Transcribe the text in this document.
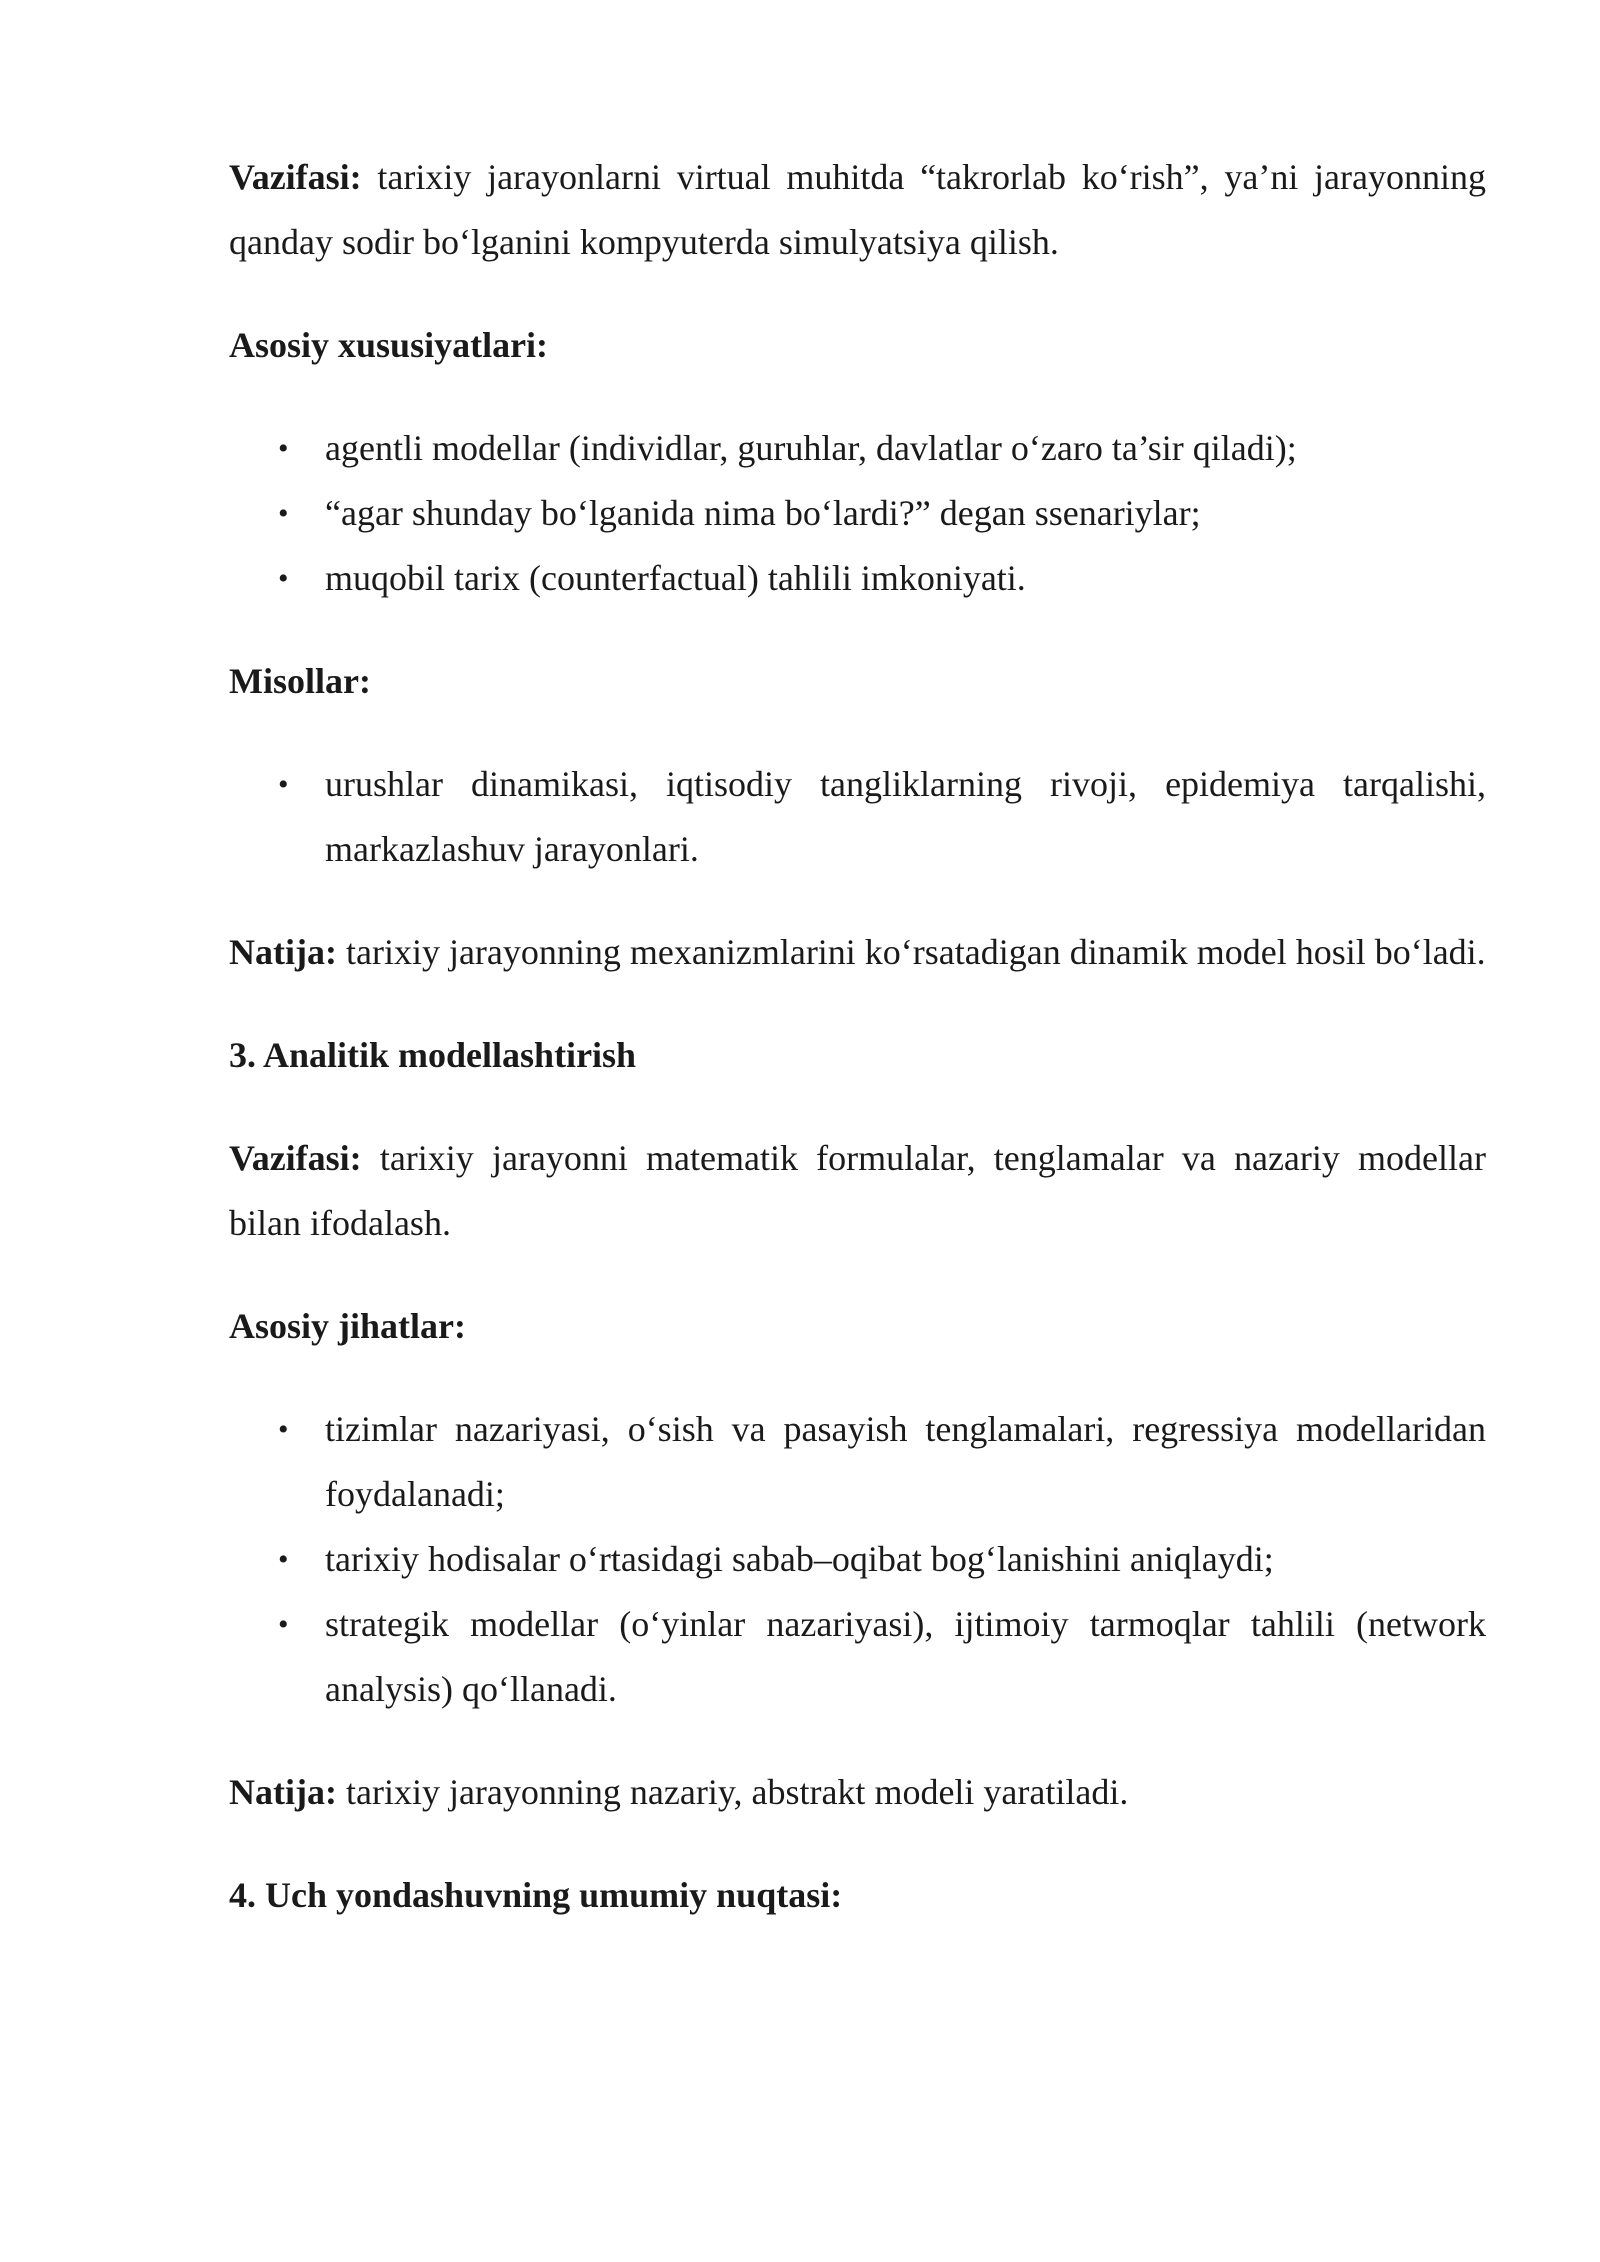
Vazifasi: tarixiy jarayonlarni virtual muhitda “takrorlab ko‘rish”, ya’ni jarayonning qanday sodir bo‘lganini kompyuterda simulyatsiya qilish.

Asosiy xususiyatlari:

• agentli modellar (individlar, guruhlar, davlatlar o‘zaro ta’sir qiladi);
• “agar shunday bo‘lganida nima bo‘lardi?” degan ssenariylar;
• muqobil tarix (counterfactual) tahlili imkoniyati.

Misollar:

• urushlar dinamikasi, iqtisodiy tangliklarning rivoji, epidemiya tarqalishi, markazlashuv jarayonlari.

Natija: tarixiy jarayonning mexanizmlarini ko‘rsatadigan dinamik model hosil bo‘ladi.

3. Analitik modellashtirish

Vazifasi: tarixiy jarayonni matematik formulalar, tenglamalar va nazariy modellar bilan ifodalash.

Asosiy jihatlar:

• tizimlar nazariyasi, o‘sish va pasayish tenglamalari, regressiya modellaridan foydalanadi;
• tarixiy hodisalar o‘rtasidagi sabab–oqibat bog‘lanishini aniqlaydi;
• strategik modellar (o‘yinlar nazariyasi), ijtimoiy tarmoqlar tahlili (network analysis) qo‘llanadi.

Natija: tarixiy jarayonning nazariy, abstrakt modeli yaratiladi.

4. Uch yondashuvning umumiy nuqtasi:
